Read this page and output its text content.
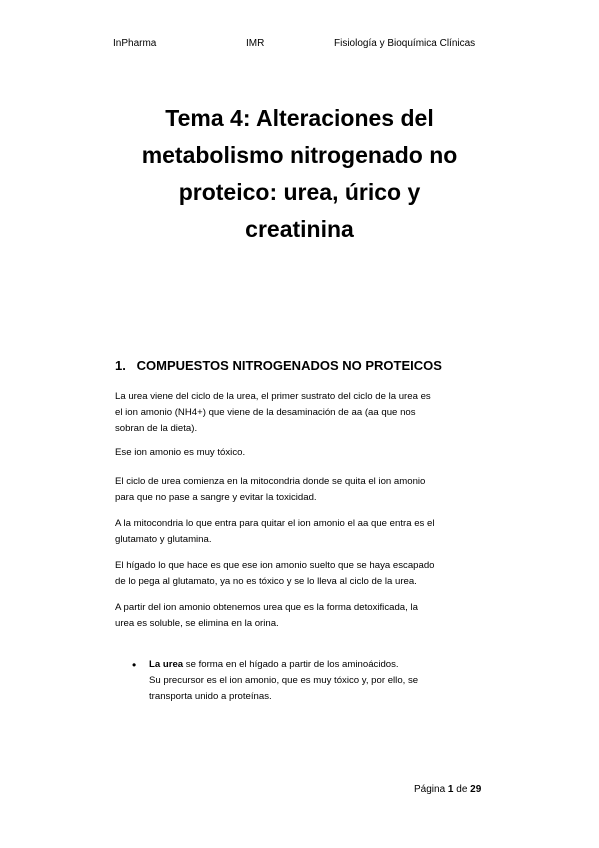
InPharma	IMR	Fisiología y Bioquímica Clínicas
Tema 4: Alteraciones del
metabolismo nitrogenado no
proteico: urea, úrico y
creatinina
1. COMPUESTOS NITROGENADOS NO PROTEICOS

La urea viene del ciclo de la urea, el primer sustrato del ciclo de la urea es

el ion amonio (NH4+) que viene de la desaminación de aa (aa que nos

sobran de la dieta).

Ese ion amonio es muy tóxico.

El ciclo de urea comienza en la mitocondria donde se quita el ion amonio

para que no pase a sangre y evitar la toxicidad.

A la mitocondria lo que entra para quitar el ion amonio el aa que entra es el

glutamato y glutamina.

El hígado lo que hace es que ese ion amonio suelto que se haya escapado

de lo pega al glutamato, ya no es tóxico y se lo lleva al ciclo de la urea.

A partir del ion amonio obtenemos urea que es la forma detoxificada, la

urea es soluble, se elimina en la orina.

• La urea se forma en el hígado a partir de los aminoácidos.
Su precursor es el ion amonio, que es muy tóxico y, por ello, se
transporta unido a proteínas.
Página 1 de 29
